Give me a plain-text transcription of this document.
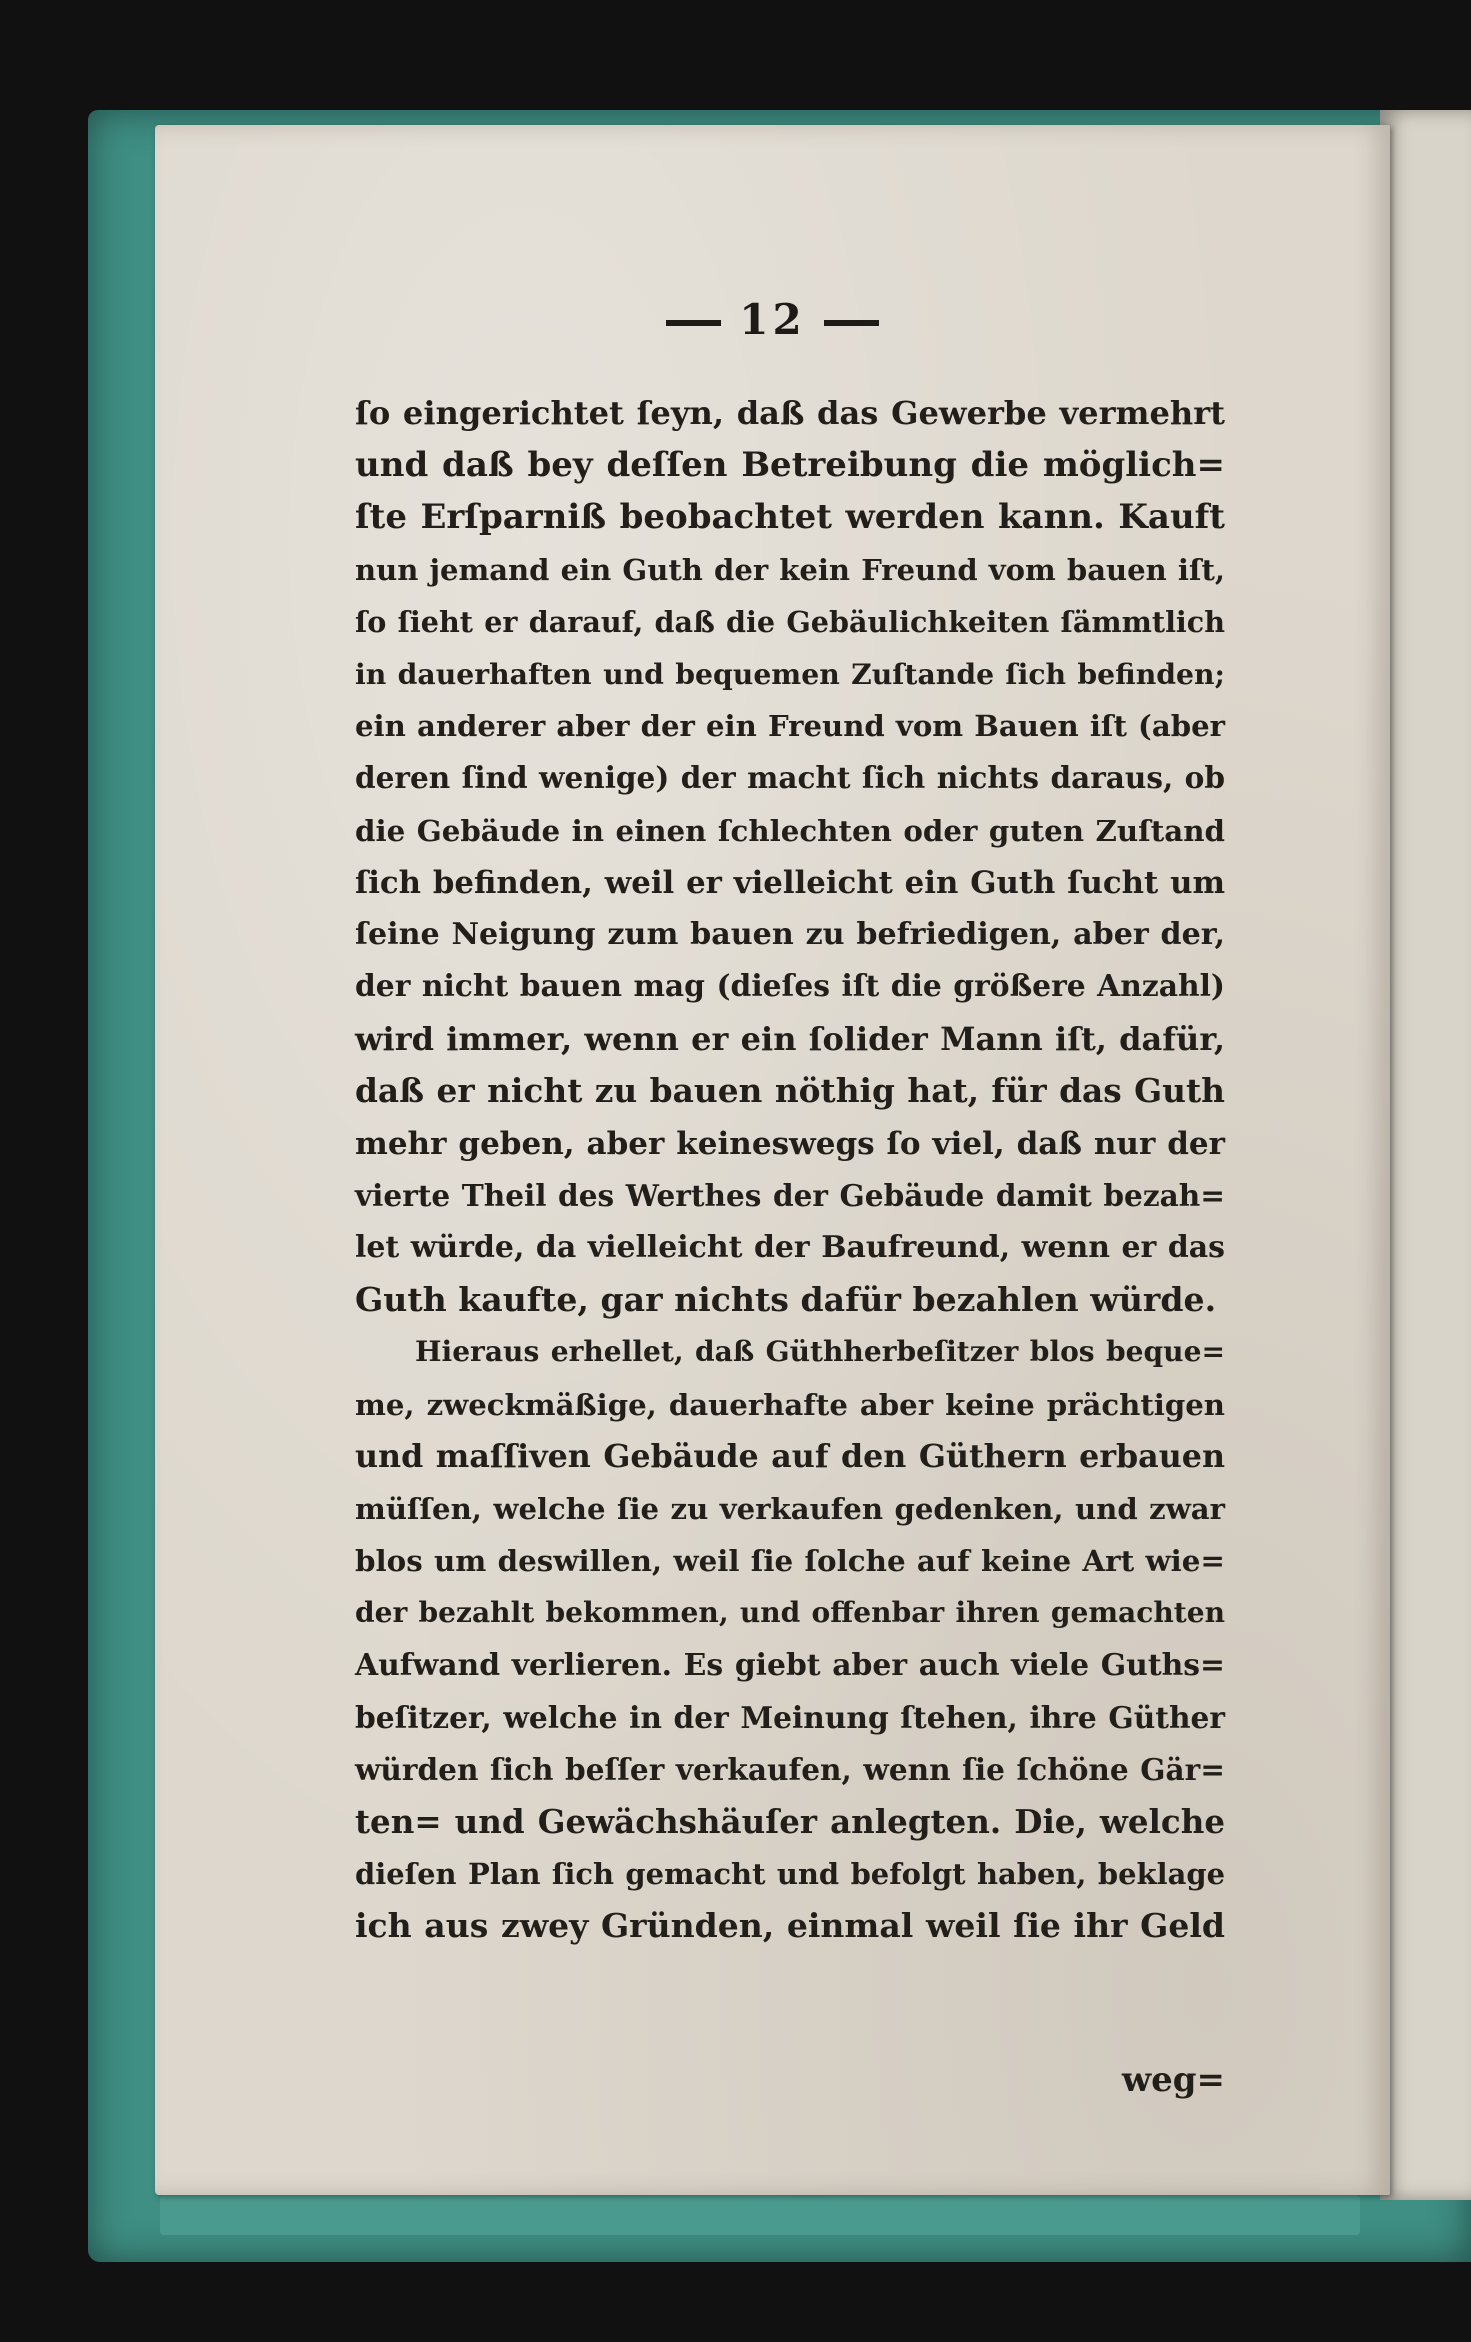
12
ſo eingerichtet ſeyn, daß das Gewerbe vermehrt
und daß bey deſſen Betreibung die möglich=
ſte Erſparniß beobachtet werden kann. Kauft
nun jemand ein Guth der kein Freund vom bauen iſt,
ſo ſieht er darauf, daß die Gebäulichkeiten ſämmtlich
in dauerhaften und bequemen Zuſtande ſich befinden;
ein anderer aber der ein Freund vom Bauen iſt (aber
deren ſind wenige) der macht ſich nichts daraus, ob
die Gebäude in einen ſchlechten oder guten Zuſtand
ſich befinden, weil er vielleicht ein Guth ſucht um
ſeine Neigung zum bauen zu befriedigen, aber der,
der nicht bauen mag (dieſes iſt die größere Anzahl)
wird immer, wenn er ein ſolider Mann iſt, dafür,
daß er nicht zu bauen nöthig hat, für das Guth
mehr geben, aber keineswegs ſo viel, daß nur der
vierte Theil des Werthes der Gebäude damit bezah=
let würde, da vielleicht der Baufreund, wenn er das
Guth kaufte, gar nichts dafür bezahlen würde.
Hieraus erhellet, daß Güthherbeſitzer blos beque=
me, zweckmäßige, dauerhafte aber keine prächtigen
und maſſiven Gebäude auf den Güthern erbauen
müſſen, welche ſie zu verkaufen gedenken, und zwar
blos um deswillen, weil ſie ſolche auf keine Art wie=
der bezahlt bekommen, und offenbar ihren gemachten
Aufwand verlieren. Es giebt aber auch viele Guths=
beſitzer, welche in der Meinung ſtehen, ihre Güther
würden ſich beſſer verkaufen, wenn ſie ſchöne Gär=
ten= und Gewächshäuſer anlegten. Die, welche
dieſen Plan ſich gemacht und befolgt haben, beklage
ich aus zwey Gründen, einmal weil ſie ihr Geld
weg=
